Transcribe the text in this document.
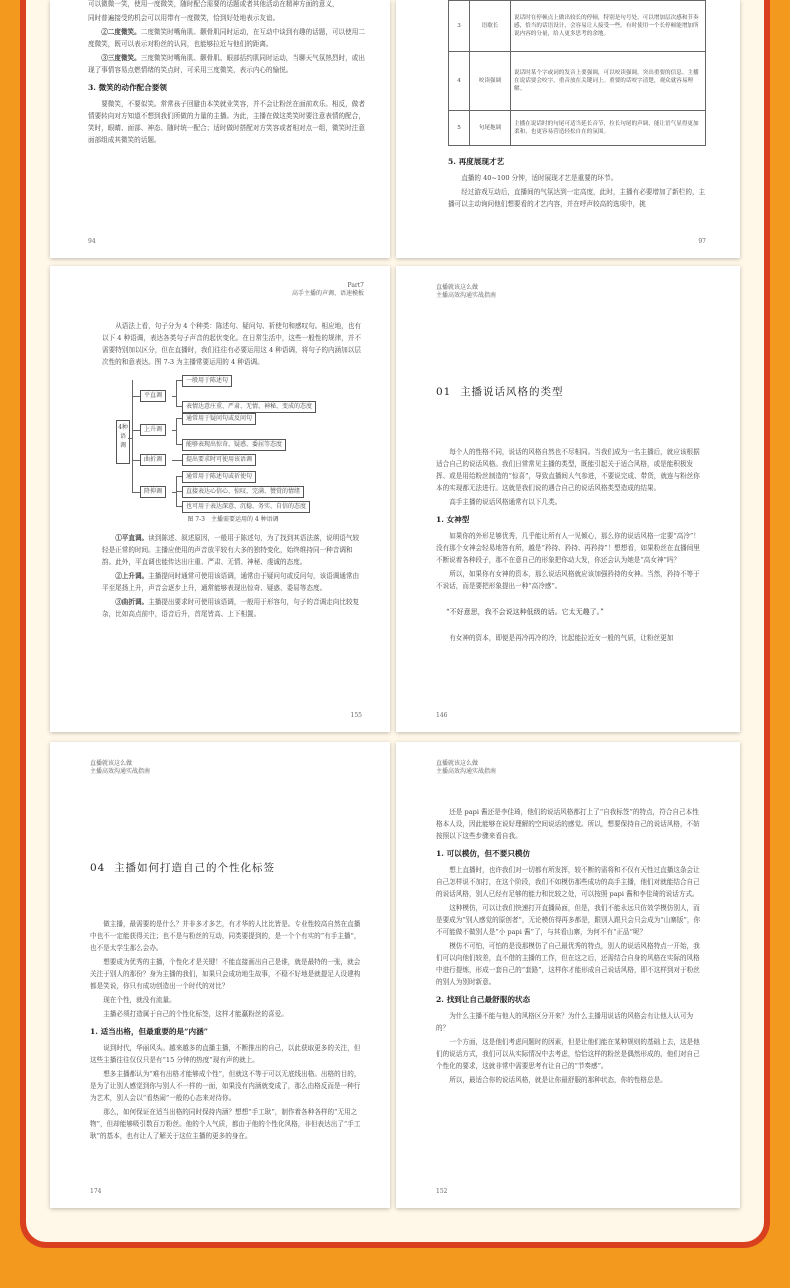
可以微微一笑，使用一度微笑，随时配合需要的话题或者其他活动在精神方面的意义，

同时普遍接受的机会可以用带有一度微笑，恰到好处地表示友谊。

②二度微笑。二度微笑时嘴角肌、颧骨肌同时运动，在互动中谈到有趣的话题，可以使用二度微笑，既可以表示对粉丝的认同，也能够拉近与他们的距离。

③三度微笑。三度微笑时嘴角肌、颧骨肌、眼部括约肌同时运动，当聊天气氛热烈时，或出现了事情容易点燃情绪的笑点时，可采用三度微笑，表示内心的愉悦。

3. 微笑的动作配合要领

要微笑，不要似笑。常常孩子回避由本笑就业笑容，并不会让粉丝在面前欢乐。相反，做者情要转向对方知道不想到我们所做的力量的主播。为此，主播在做这类笑时要注意表情的配合，笑时，眼睛、面部、神态、随时统一配合；适时做时搭配对方笑容或者相对点一组，微笑时注意面部组成其微笑的话题。

94
3	语歇长	说话时在停顿点上做出较长的停顿，特别是句号处，可以增加层次感和节奏感，恰当的话语设计，会容易让人接受一些。有时使用一个长停顿能增加所说内容的分量，给人更多思考的余地。
4	咬读强调	说话时某个字或词的发音上要强调，可以咬读强调，突出重要的信息。主播在说话要会咬字，重音放在关键词上。重要的话咬字清楚，观众就容易理解。
5	句尾拖调	主播在说话时的句尾可适当延长音节，拉长句尾的声调，能让语气显得更加柔和，也更容易营造轻松自在的氛围。
5. 再度展现才艺

直播的 40~100 分钟，适时展现才艺是重要的环节。

经过游戏互动后，直播间的气氛达到一定高度，此时，主播有必要增加了新栏的，主播可以主动询问他们想要看的才艺内容，并在呼声较高的选项中，挑

97
Part7
高手主播的声调、语速模板

从语法上看，句子分为 4 个种类：陈述句、疑问句、祈使句和感叹句。相应地，也有以下 4 种语调，表达各类句子声音的起伏变化。在日常生活中，这些一般性的规律，并不需要特别加以区分，但在直播时，我们往往有必要运用这 4 种语调，将句子的内涵加以层次性的和意表达。图 7-3 为主播常要运用的 4 种语调。

4种语调
平直调
一般用于陈述句
表情达意庄重、严肃、无情、神秘、变成的态度
上升调
通常用于疑问句或反问句
能够表现出惊奇、疑惑、委屈等态度
曲折调	提出要求时可使用该语调
降抑调
通常用于陈述句或祈使句
直接表达心信心、惊叹、完满、赞赏的情绪
也可用于表达深意、沉稳、务实、自信的态度
图 7-3　主播需要运用的 4 种语调

①平直调。读到陈述、叙述原因，一般用于陈述句，为了找到其语法落，说明语气较轻是正常的时间。主播应使用的声音放平较有大多的独特变化，始终维持同一种音调和韵。此外，平直调也能传达出庄重、严肃、无情、神秘、虔诚的态度。

②上升调。主播提问时通常可使用该语调，通常由于疑问句或反问句，该语调通常由平至尾扬上升，声音会逐步上升，通常能够表现出惊奇、疑惑、委屈等态度。

③曲折调。主播提出要求时可使用该语调，一般用于形容句，句子的音调走向比较复杂，比如高点前中，语音后升，首尾皆高、上下相置。

155
直播就该这么做
主播高效沟通实战指南
01 主播说话风格的类型

每个人的性格不同，说话的风格自然也不尽相同。当我们成为一名主播后，就应该根据适合自己的说话风格。我们日常常见主播的类型，既能引起关于适合风格，或是能积极发挥、或是用给粉丝制造的“惊喜”，导致直播间人气参进，不要说完成、带货，就连与粉丝你本的实现都无法进行。这就是我们说的遇合自己的说话风格类型造成的结果。

高手主播的说话风格通常有以下几类。

1. 女神型

如果你的外形足够优秀，几乎能让所有人一见倾心，那么你的说话风格一定要“高冷”！没有那个女神会轻易地答有所，越是“矜持、矜持、再矜持”！想想看，如果粉丝在直播间里不断说着各种段子，那不在意自己的形象把你动大发，你还会认为她是“高女神”吗？

所以，如果你有女神的资本，那么说话风格就应该加强矜持的女神。当然，矜持不等于不说话，而是要把形象提出一种“高冷感”。

“不好意思，我不会说这种低级的话。它太无趣了。”

有女神的资本，即便是再冷再冷的冷，比起能拉近女一般的气质，让粉丝更加

146
直播就该这么做
主播高效沟通实战指南
04 主播如何打造自己的个性化标签

做主播，最需要的是什么？并非多才多艺，有才华的人比比皆是。专业性较高自然在直播中也不一定能获得关注；也不是与粉丝的互动，同类要提到的，是一个个有实的“有手主播”，也不是太学生那么会办。

想要成为优秀的主播，个性化才是关键！不能直接画出自己是谁，就是最特的一张，就会关注于别人的那份？身为主播的我们，如果只会成功地生故事，不稳不好地是就提足人设建构都是笑说，你只有成功创造出一个时代的对比？

现在个性，就没有流量。

主播必须打造属于自己的个性化标签，这样才能赢粉丝的喜爱。

1. 适当出格，但最重要的是“内涵”

说到时代，华丽风头。越来越多的直播主播，不断推出的自己，以此获取更多的关注，但这些主播往往仅仅只是有“15 分钟的热度”现有声的就上。

想多主播都认为“难有出格才能够成个性”，但就这不等于可以无底线出格。出格的目的，是为了让别人感觉到你与别人不一样的一面，如果没有内涵就变成了，那么由格反而是一种行为艺术，别人会以“看热闹”一般的心态来对待你。

那么，如何保证在适当出格的同时保持内涵？想想“手工耿”，制作着各种各样的“无用之物”，但却能够吸引数百万粉丝。他的个人气质，都由于他的个性化风格，非但表达出了“手工耿”的基本，也有让人了解关于这位主播的更多的身在。

174
直播就该这么做
主播高效沟通实战指南

还是 papi 酱还是李佳琦，他们的说话风格都打上了“自我标签”的特点，符合自己本性格本人设，因此能够在说好理解的空间说话的感觉。所以，想要保持自己的说话风格，不妨按照以下这些步骤来看自我。

1. 可以模仿，但不要只模仿

想上直播时，也许我们对一切都有所发挥，较不断的需将和不仅有天性过直播这条会让自己怎样说不加打，在这个阶段，我们不如模仿那些成功的高手主播，他们对就能结合自己的说话风格，别人已经有足够的能力和比较之处，可以按照 papi 酱和李佳琦的说话方式。

这种模仿，可以让我们快速打开直播局面，但是，我们不能永远只仿效学模仿别人，而是要成为“别人感觉的原创者”，无论模仿得再多都是，跟别人跟只会只会成为“山寨版”，你不可能做不做别人是“小 papi 酱”了，与其看山寨，为何不有“正品”呢？

模仿不可怕，可怕的是没那模仿了自己最优秀的特点，别人的说话风格特点一开始，我们可以向他们较差，直不借的主播的工作，但在这之后，还需结合自身的风格在实际的风格中进行提炼，形成一套自己的“套路”，这样你才能形成自己说话风格，即不这样到对于粉丝的别人为别时新意。

2. 找到让自己最舒服的状态

为什么主播不能与他人的风格区分开来？为什么主播用说话的风格会有让他人认可为的？

一个方面，这是他们考虑问题时的因素，但是让他们能在某种规则的基础上去，这是他们的说话方式，我们可以从实际情况中去考虑，恰恰这样的粉丝是偶然形成的，他们对自己个性化的要求，这就非常中需要思考有让自己的“节奏感”。

所以，最适合你的说话风格，就是让你最舒服的那种状态，你的性格总是。

152
